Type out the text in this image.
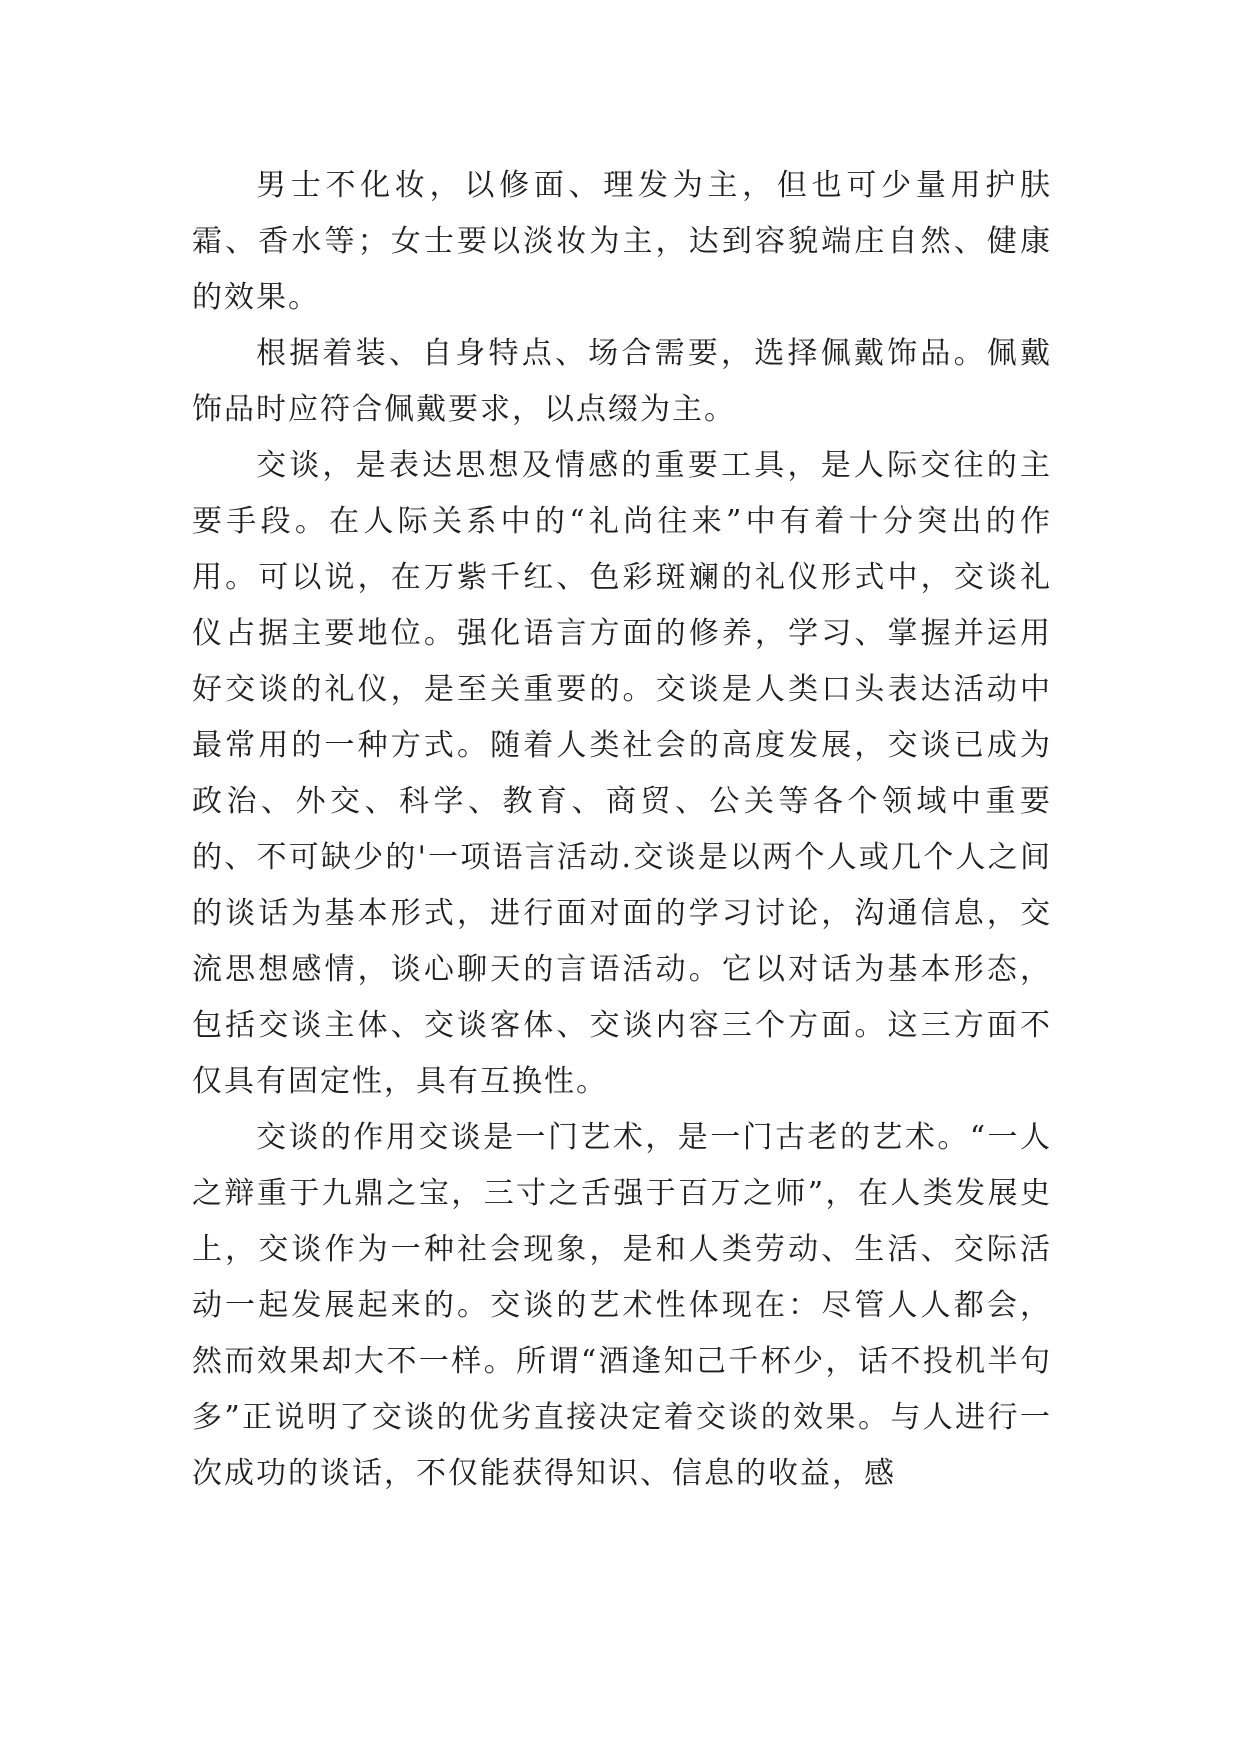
男士不化妆，以修面、理发为主，但也可少量用护肤霜、香水等；女士要以淡妆为主，达到容貌端庄自然、健康的效果。

根据着装、自身特点、场合需要，选择佩戴饰品。佩戴饰品时应符合佩戴要求，以点缀为主。

交谈，是表达思想及情感的重要工具，是人际交往的主要手段。在人际关系中的“礼尚往来”中有着十分突出的作用。可以说，在万紫千红、色彩斑斓的礼仪形式中，交谈礼仪占据主要地位。强化语言方面的修养，学习、掌握并运用好交谈的礼仪，是至关重要的。交谈是人类口头表达活动中最常用的一种方式。随着人类社会的高度发展，交谈已成为政治、外交、科学、教育、商贸、公关等各个领域中重要的、不可缺少的'一项语言活动.交谈是以两个人或几个人之间的谈话为基本形式，进行面对面的学习讨论，沟通信息，交流思想感情，谈心聊天的言语活动。它以对话为基本形态，包括交谈主体、交谈客体、交谈内容三个方面。这三方面不仅具有固定性，具有互换性。

交谈的作用交谈是一门艺术，是一门古老的艺术。“一人之辩重于九鼎之宝，三寸之舌强于百万之师”，在人类发展史上，交谈作为一种社会现象，是和人类劳动、生活、交际活动一起发展起来的。交谈的艺术性体现在：尽管人人都会，然而效果却大不一样。所谓“酒逢知己千杯少，话不投机半句多”正说明了交谈的优劣直接决定着交谈的效果。与人进行一次成功的谈话，不仅能获得知识、信息的收益，感
